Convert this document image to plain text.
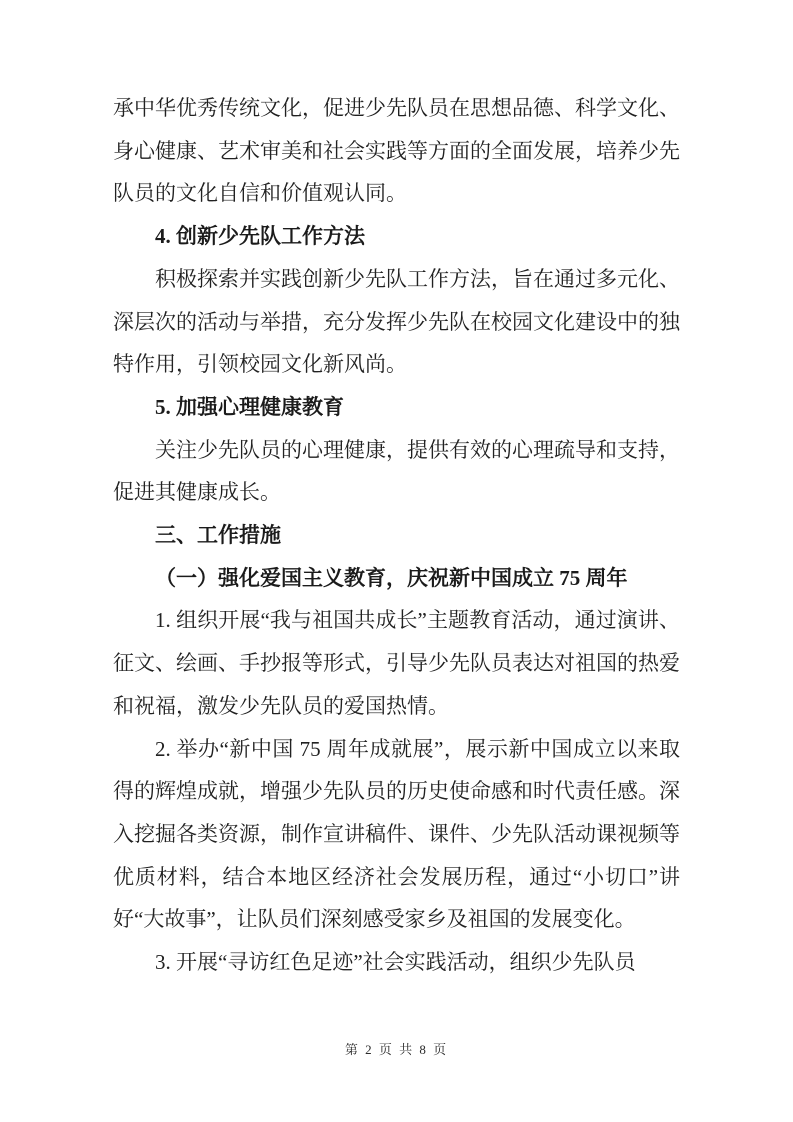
承中华优秀传统文化，促进少先队员在思想品德、科学文化、身心健康、艺术审美和社会实践等方面的全面发展，培养少先队员的文化自信和价值观认同。

4. 创新少先队工作方法

积极探索并实践创新少先队工作方法，旨在通过多元化、深层次的活动与举措，充分发挥少先队在校园文化建设中的独特作用，引领校园文化新风尚。

5. 加强心理健康教育

关注少先队员的心理健康，提供有效的心理疏导和支持，促进其健康成长。

三、工作措施

（一）强化爱国主义教育，庆祝新中国成立 75 周年

1. 组织开展“我与祖国共成长”主题教育活动，通过演讲、征文、绘画、手抄报等形式，引导少先队员表达对祖国的热爱和祝福，激发少先队员的爱国热情。

2. 举办“新中国 75 周年成就展”，展示新中国成立以来取得的辉煌成就，增强少先队员的历史使命感和时代责任感。深入挖掘各类资源，制作宣讲稿件、课件、少先队活动课视频等优质材料，结合本地区经济社会发展历程，通过“小切口”讲好“大故事”，让队员们深刻感受家乡及祖国的发展变化。

3. 开展“寻访红色足迹”社会实践活动，组织少先队员

第 2 页 共 8 页
